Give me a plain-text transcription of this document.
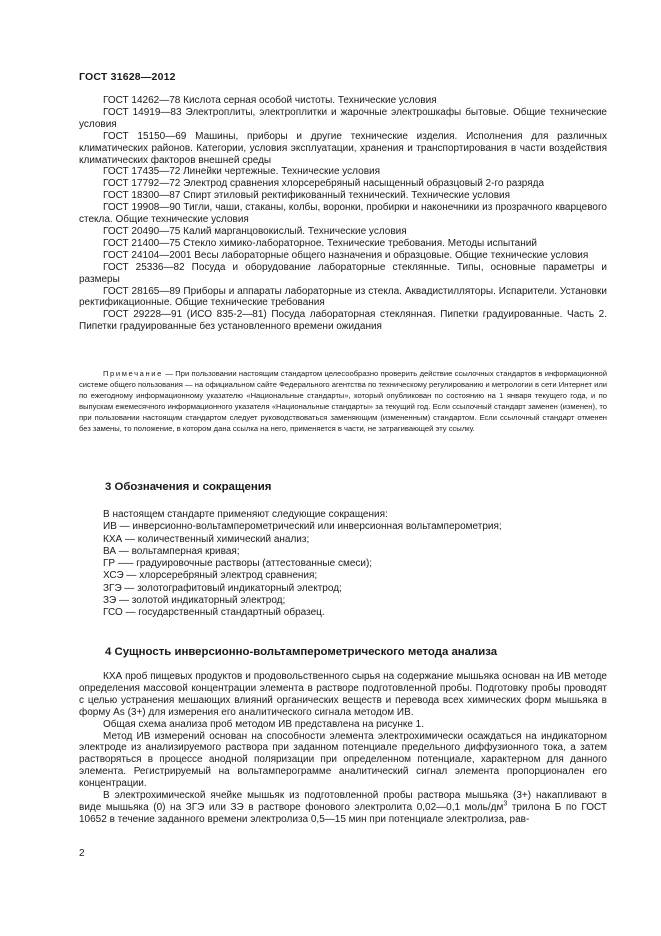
ГОСТ 31628—2012

ГОСТ 14262—78 Кислота серная особой чистоты. Технические условия

ГОСТ 14919—83 Электроплиты, электроплитки и жарочные электрошкафы бытовые. Общие технические условия

ГОСТ 15150—69 Машины, приборы и другие технические изделия. Исполнения для различных климатических районов. Категории, условия эксплуатации, хранения и транспортирования в части воздействия климатических факторов внешней среды

ГОСТ 17435—72 Линейки чертежные. Технические условия

ГОСТ 17792—72 Электрод сравнения хлорсеребряный насыщенный образцовый 2-го разряда

ГОСТ 18300—87 Спирт этиловый ректификованный технический. Технические условия

ГОСТ 19908—90 Тигли, чаши, стаканы, колбы, воронки, пробирки и наконечники из прозрачного кварцевого стекла. Общие технические условия

ГОСТ 20490—75 Калий марганцовокислый. Технические условия

ГОСТ 21400—75 Стекло химико-лабораторное. Технические требования. Методы испытаний

ГОСТ 24104—2001 Весы лабораторные общего назначения и образцовые. Общие технические условия

ГОСТ 25336—82 Посуда и оборудование лабораторные стеклянные. Типы, основные параметры и размеры

ГОСТ 28165—89 Приборы и аппараты лабораторные из стекла. Аквадистилляторы. Испарители. Установки ректификационные. Общие технические требования

ГОСТ 29228—91 (ИСО 835-2—81) Посуда лабораторная стеклянная. Пипетки градуированные. Часть 2. Пипетки градуированные без установленного времени ожидания

Примечание — При пользовании настоящим стандартом целесообразно проверить действие ссылочных стандартов в информационной системе общего пользования — на официальном сайте Федерального агентства по техническому регулированию и метрологии в сети Интернет или по ежегодному информационному указателю «Национальные стандарты», который опубликован по состоянию на 1 января текущего года, и по выпускам ежемесячного информационного указателя «Национальные стандарты» за текущий год. Если ссылочный стандарт заменен (изменен), то при пользовании настоящим стандартом следует руководствоваться заменяющим (измененным) стандартом. Если ссылочный стандарт отменен без замены, то положение, в котором дана ссылка на него, применяется в части, не затрагивающей эту ссылку.

3 Обозначения и сокращения

В настоящем стандарте применяют следующие сокращения:

ИВ — инверсионно-вольтамперометрический или инверсионная вольтамперометрия;

КХА — количественный химический анализ;

ВА — вольтамперная кривая;

ГР —– градуировочные растворы (аттестованные смеси);

ХСЭ — хлорсеребряный электрод сравнения;

ЗГЭ — золотографитовый индикаторный электрод;

ЗЭ — золотой индикаторный электрод;

ГСО — государственный стандартный образец.

4 Сущность инверсионно-вольтамперометрического метода анализа

КХА проб пищевых продуктов и продовольственного сырья на содержание мышьяка основан на ИВ методе определения массовой концентрации элемента в растворе подготовленной пробы. Подготовку пробы проводят с целью устранения мешающих влияний органических веществ и перевода всех химических форм мышьяка в форму As (3+) для измерения его аналитического сигнала методом ИВ.

Общая схема анализа проб методом ИВ представлена на рисунке 1.

Метод ИВ измерений основан на способности элемента электрохимически осаждаться на индикаторном электроде из анализируемого раствора при заданном потенциале предельного диффузионного тока, а затем растворяться в процессе анодной поляризации при определенном потенциале, характерном для данного элемента. Регистрируемый на вольтамперограмме аналитический сигнал элемента пропорционален его концентрации.

В электрохимической ячейке мышьяк из подготовленной пробы раствора мышьяка (3+) накапливают в виде мышьяка (0) на ЗГЭ или ЗЭ в растворе фонового электролита 0,02—0,1 моль/$дм^3$ трилона Б по ГОСТ 10652 в течение заданного времени электролиза 0,5—15 мин при потенциале электролиза, рав-

2
